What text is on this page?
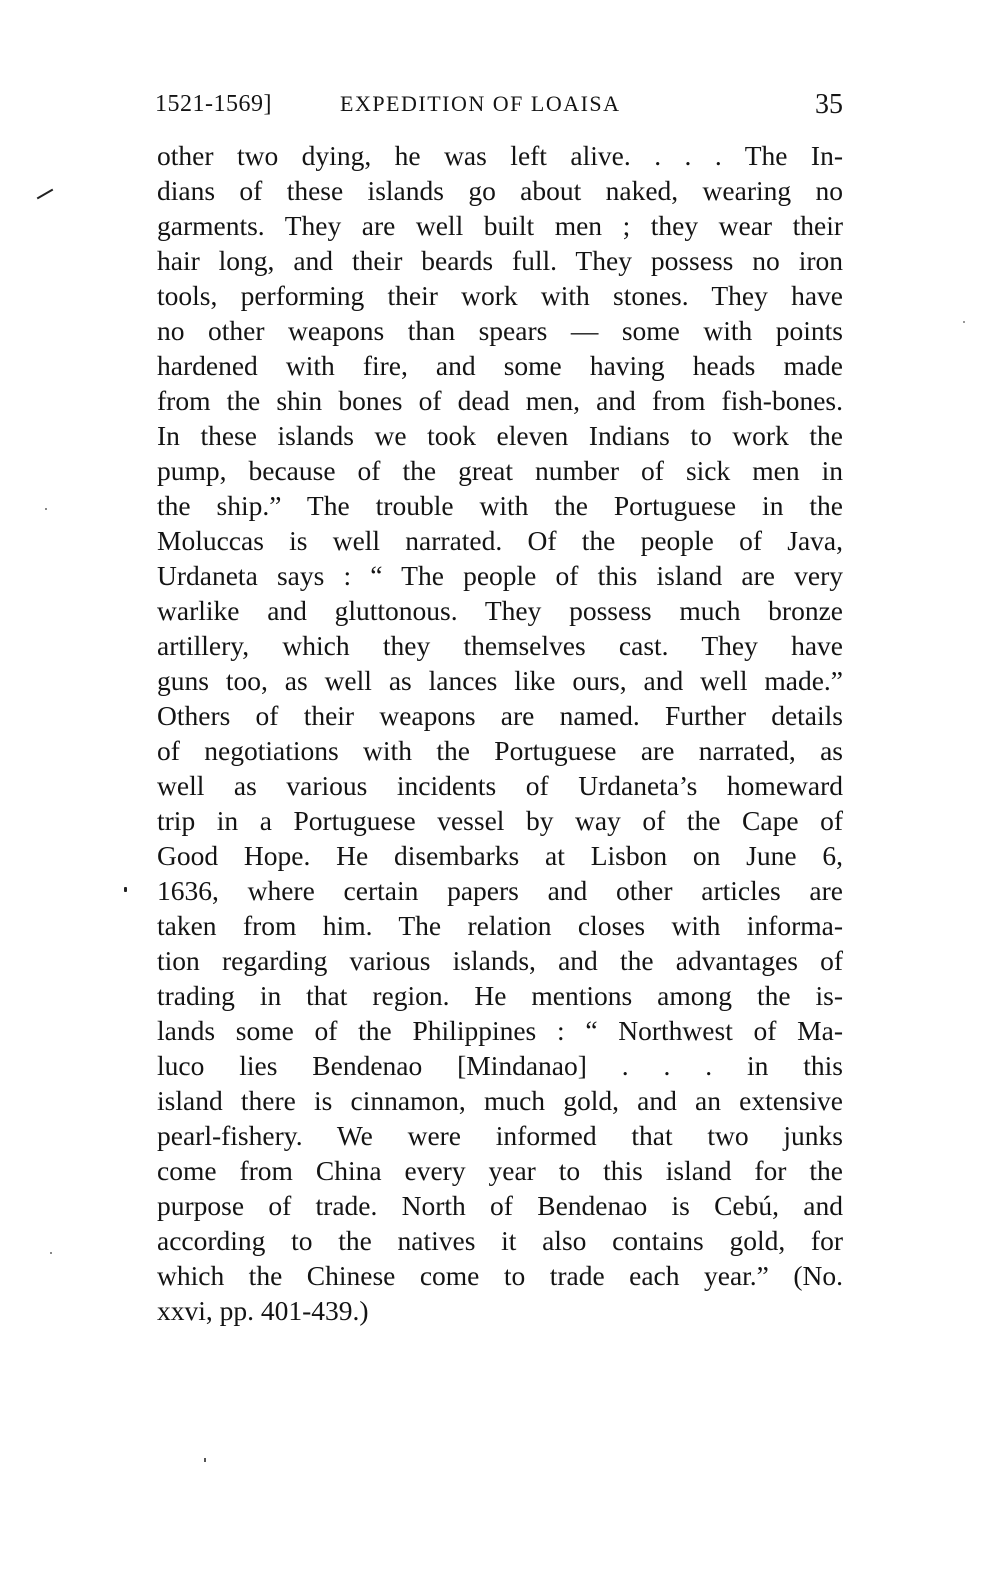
1521-1569]	EXPEDITION OF LOAISA	35
other two dying, he was left alive. . . . The In-
dians of these islands go about naked, wearing no
garments. They are well built men ; they wear their
hair long, and their beards full. They possess no iron
tools, performing their work with stones. They have
no other weapons than spears — some with points
hardened with fire, and some having heads made
from the shin bones of dead men, and from fish-bones.
In these islands we took eleven Indians to work the
pump, because of the great number of sick men in
the ship.” The trouble with the Portuguese in the
Moluccas is well narrated. Of the people of Java,
Urdaneta says : “ The people of this island are very
warlike and gluttonous. They possess much bronze
artillery, which they themselves cast. They have
guns too, as well as lances like ours, and well made.”
Others of their weapons are named. Further details
of negotiations with the Portuguese are narrated, as
well as various incidents of Urdaneta’s homeward
trip in a Portuguese vessel by way of the Cape of
Good Hope. He disembarks at Lisbon on June 6,
1636, where certain papers and other articles are
taken from him. The relation closes with informa-
tion regarding various islands, and the advantages of
trading in that region. He mentions among the is-
lands some of the Philippines : “ Northwest of Ma-
luco lies Bendenao [Mindanao] . . . in this
island there is cinnamon, much gold, and an extensive
pearl-fishery. We were informed that two junks
come from China every year to this island for the
purpose of trade. North of Bendenao is Cebú, and
according to the natives it also contains gold, for
which the Chinese come to trade each year.” (No.
xxvi, pp. 401-439.)
